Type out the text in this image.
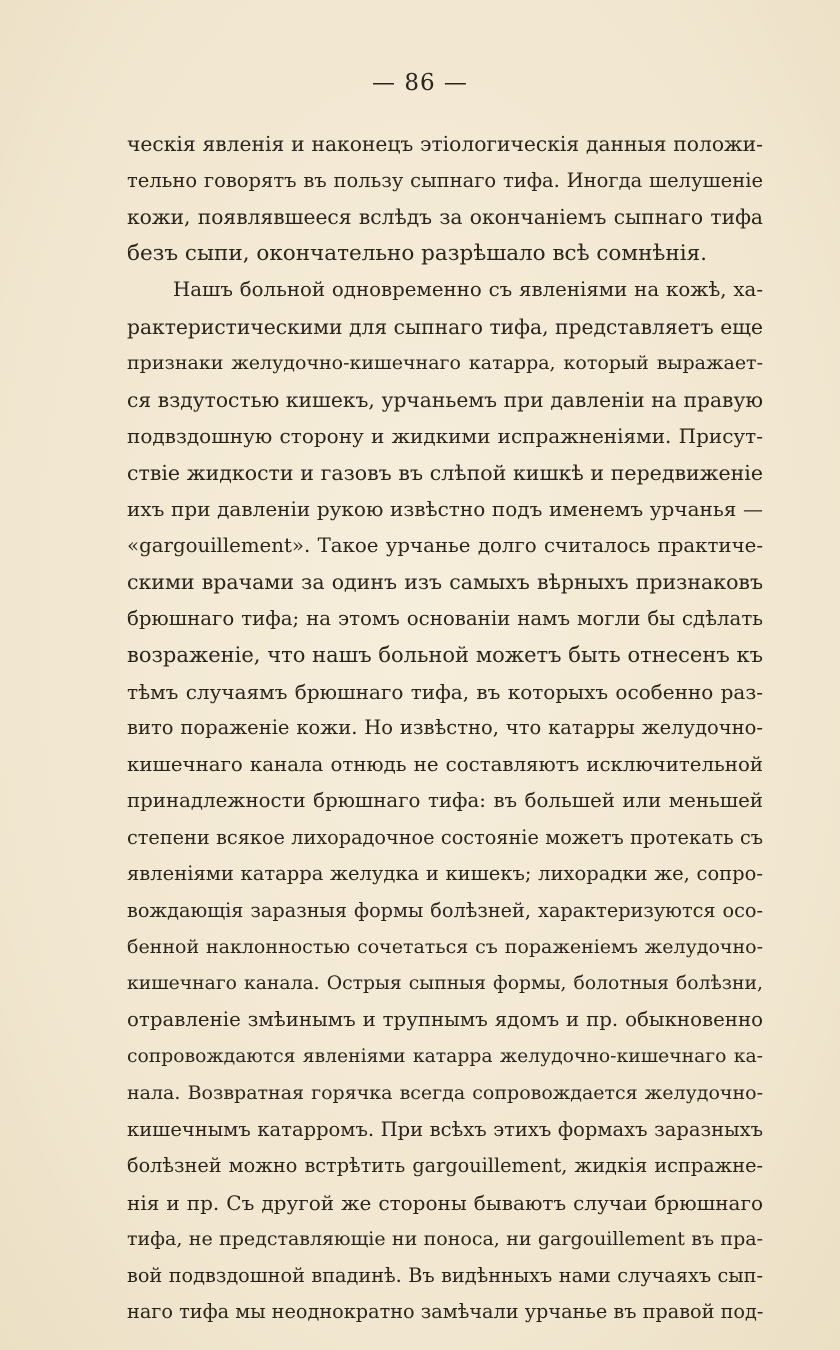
— 86 —
ческія явленія и наконецъ этіологическія данныя положи-
тельно говорятъ въ пользу сыпнаго тифа. Иногда шелушеніе
кожи, появлявшееся вслѣдъ за окончаніемъ сыпнаго тифа
безъ сыпи, окончательно разрѣшало всѣ сомнѣнія.
Нашъ больной одновременно съ явленіями на кожѣ, ха-
рактеристическими для сыпнаго тифа, представляетъ еще
признаки желудочно-кишечнаго катарра, который выражает-
ся вздутостью кишекъ, урчаньемъ при давленіи на правую
подвздошную сторону и жидкими испражненіями. Присут-
ствіе жидкости и газовъ въ слѣпой кишкѣ и передвиженіе
ихъ при давленіи рукою извѣстно подъ именемъ урчанья —
«gargouillement». Такое урчанье долго считалось практиче-
скими врачами за одинъ изъ самыхъ вѣрныхъ признаковъ
брюшнаго тифа; на этомъ основаніи намъ могли бы сдѣлать
возраженіе, что нашъ больной можетъ быть отнесенъ къ
тѣмъ случаямъ брюшнаго тифа, въ которыхъ особенно раз-
вито пораженіе кожи. Но извѣстно, что катарры желудочно-
кишечнаго канала отнюдь не составляютъ исключительной
принадлежности брюшнаго тифа: въ большей или меньшей
степени всякое лихорадочное состояніе можетъ протекать съ
явленіями катарра желудка и кишекъ; лихорадки же, сопро-
вождающія заразныя формы болѣзней, характеризуются осо-
бенной наклонностью сочетаться съ пораженіемъ желудочно-
кишечнаго канала. Острыя сыпныя формы, болотныя болѣзни,
отравленіе змѣинымъ и трупнымъ ядомъ и пр. обыкновенно
сопровождаются явленіями катарра желудочно-кишечнаго ка-
нала. Возвратная горячка всегда сопровождается желудочно-
кишечнымъ катарромъ. При всѣхъ этихъ формахъ заразныхъ
болѣзней можно встрѣтить gargouillement, жидкія испражне-
нія и пр. Съ другой же стороны бываютъ случаи брюшнаго
тифа, не представляющіе ни поноса, ни gargouillement въ пра-
вой подвздошной впадинѣ. Въ видѣнныхъ нами случаяхъ сып-
наго тифа мы неоднократно замѣчали урчанье въ правой под-
